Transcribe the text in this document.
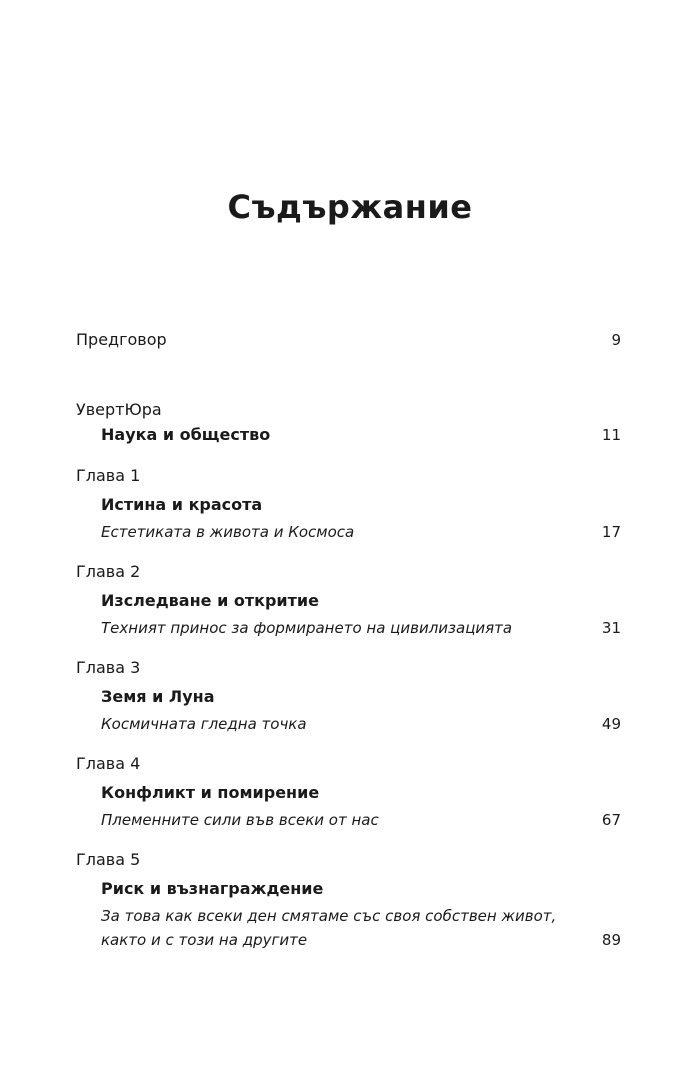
Съдържание
Предговор	9
УвертЮра
Наука и общество	11
Глава 1
Истина и красота
Естетиката в живота и Космоса	17
Глава 2
Изследване и откритие
Техният принос за формирането на цивилизацията	31
Глава 3
Земя и Луна
Космичната гледна точка	49
Глава 4
Конфликт и помирение
Племенните сили във всеки от нас	67
Глава 5
Риск и възнаграждение
За това как всеки ден смятаме със своя собствен живот,
както и с този на другите	89
